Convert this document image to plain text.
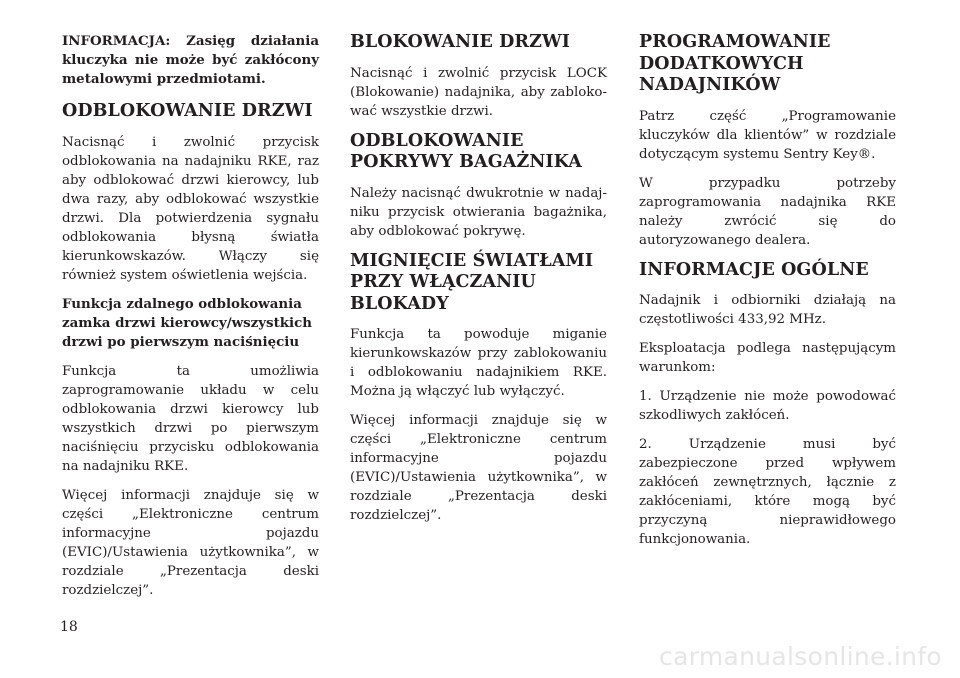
INFORMACJA: Zasięg działania kluczyka nie może być zakłócony metalowymi przedmiotami.

ODBLOKOWANIE DRZWI

Nacisnąć i zwolnić przycisk odblokowania na nadajniku RKE, raz aby odblokować drzwi kierowcy, lub dwa razy, aby odblokować wszystkie drzwi. Dla potwierdzenia sygnału odblokowania błysną światła kierunkowskazów. Włączy się również system oświetlenia wejścia.

Funkcja zdalnego odblokowania zamka drzwi kierowcy/wszystkich drzwi po pierwszym naciśnięciu

Funkcja ta umożliwia zaprogramowanie układu w celu odblokowania drzwi kierowcy lub wszystkich drzwi po pierwszym naciśnięciu przycisku odblokowania na nadajniku RKE.

Więcej informacji znajduje się w części „Elektroniczne centrum informacyjne pojazdu (EVIC)/Ustawienia użytkownika”, w rozdziale „Prezentacja deski rozdzielczej”.

BLOKOWANIE DRZWI

Nacisnąć i zwolnić przycisk LOCK (Blokowanie) nadajnika, aby zablokować wszystkie drzwi.

ODBLOKOWANIE POKRYWY BAGAŻNIKA

Należy nacisnąć dwukrotnie w nadajniku przycisk otwierania bagażnika, aby odblokować pokrywę.

MIGNIĘCIE ŚWIATŁAMI PRZY WŁĄCZANIU BLOKADY

Funkcja ta powoduje miganie kierunkowskazów przy zablokowaniu i odblokowaniu nadajnikiem RKE. Można ją włączyć lub wyłączyć.

Więcej informacji znajduje się w części „Elektroniczne centrum informacyjne pojazdu (EVIC)/Ustawienia użytkownika”, w rozdziale „Prezentacja deski rozdzielczej”.

PROGRAMOWANIE DODATKOWYCH NADAJNIKÓW

Patrz część „Programowanie kluczyków dla klientów” w rozdziale dotyczącym systemu Sentry Key®.

W przypadku potrzeby zaprogramowania nadajnika RKE należy zwrócić się do autoryzowanego dealera.

INFORMACJE OGÓLNE

Nadajnik i odbiorniki działają na częstotliwości 433,92 MHz.

Eksploatacja podlega następującym warunkom:

1. Urządzenie nie może powodować szkodliwych zakłóceń.

2. Urządzenie musi być zabezpieczone przed wpływem zakłóceń zewnętrznych, łącznie z zakłóceniami, które mogą być przyczyną nieprawidłowego funkcjonowania.

18
carmanualsonline.info
